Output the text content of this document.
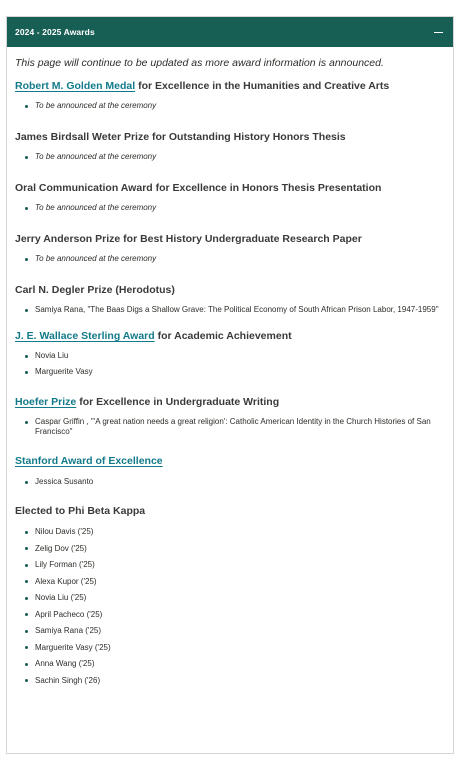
2024 - 2025 Awards

This page will continue to be updated as more award information is announced.

Robert M. Golden Medal for Excellence in the Humanities and Creative Arts

To be announced at the ceremony

James Birdsall Weter Prize for Outstanding History Honors Thesis

To be announced at the ceremony

Oral Communication Award for Excellence in Honors Thesis Presentation

To be announced at the ceremony

Jerry Anderson Prize for Best History Undergraduate Research Paper

To be announced at the ceremony

Carl N. Degler Prize (Herodotus)

Samiya Rana, "The Baas Digs a Shallow Grave: The Political Economy of South African Prison Labor, 1947-1959"

J. E. Wallace Sterling Award for Academic Achievement

Novia Liu
Marguerite Vasy

Hoefer Prize for Excellence in Undergraduate Writing

Caspar Griffin , "'A great nation needs a great religion': Catholic American Identity in the Church Histories of San Francisco"

Stanford Award of Excellence

Jessica Susanto

Elected to Phi Beta Kappa

Nilou Davis ('25)
Zelig Dov ('25)
Lily Forman ('25)
Alexa Kupor ('25)
Novia Liu ('25)
April Pacheco ('25)
Samiya Rana ('25)
Marguerite Vasy ('25)
Anna Wang ('25)
Sachin Singh ('26)
